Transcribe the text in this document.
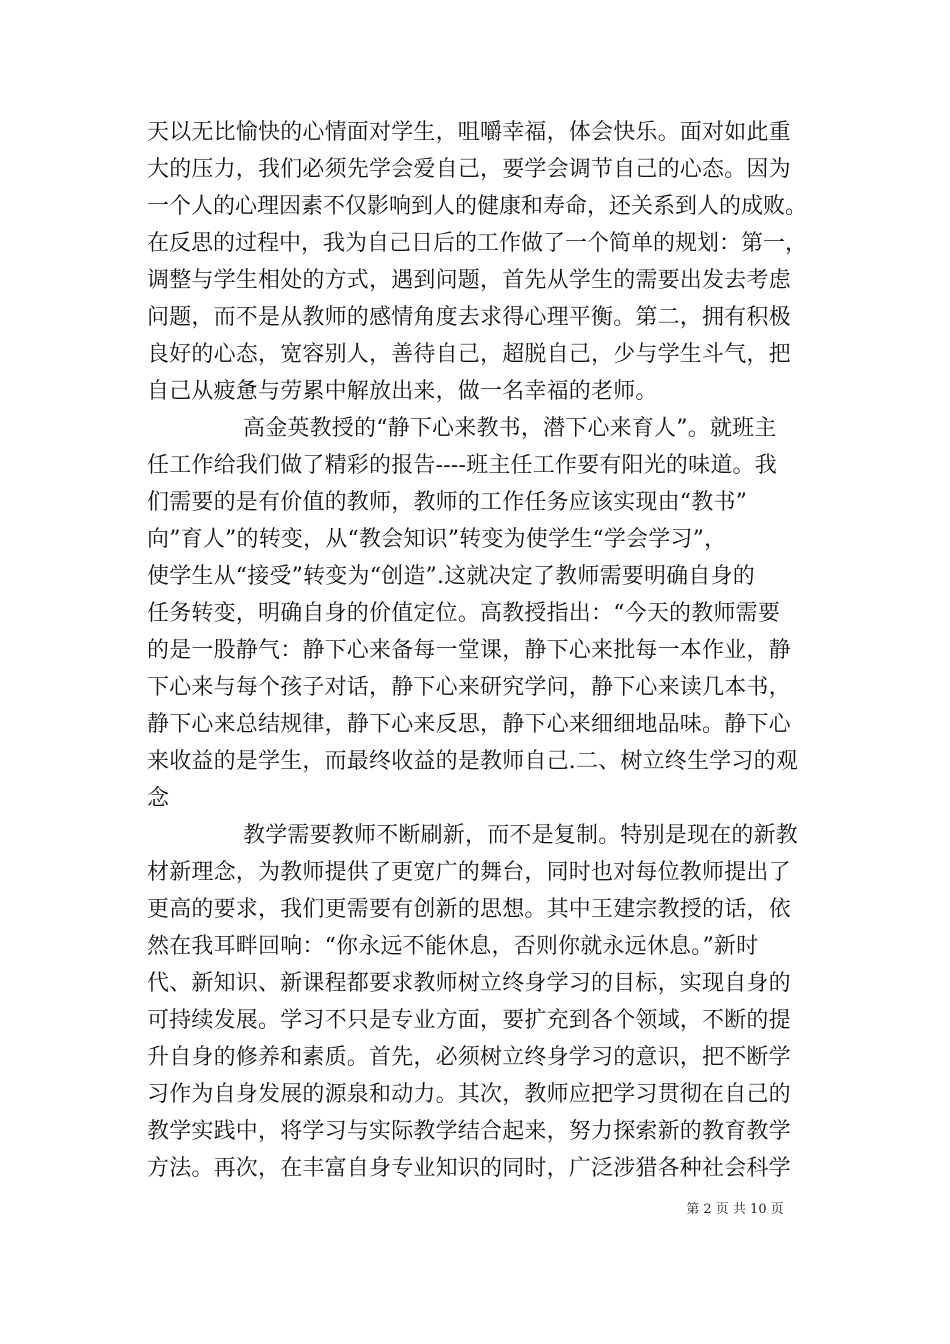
天以无比愉快的心情面对学生，咀嚼幸福，体会快乐。面对如此重
大的压力，我们必须先学会爱自己，要学会调节自己的心态。因为
一个人的心理因素不仅影响到人的健康和寿命，还关系到人的成败。
在反思的过程中，我为自己日后的工作做了一个简单的规划：第一，
调整与学生相处的方式，遇到问题，首先从学生的需要出发去考虑
问题，而不是从教师的感情角度去求得心理平衡。第二，拥有积极
良好的心态，宽容别人，善待自己，超脱自己，少与学生斗气，把
自己从疲惫与劳累中解放出来，做一名幸福的老师。
高金英教授的“静下心来教书，潜下心来育人”。就班主
任工作给我们做了精彩的报告----班主任工作要有阳光的味道。我
们需要的是有价值的教师，教师的工作任务应该实现由“教书”
向”育人”的转变，从“教会知识”转变为使学生“学会学习”，
使学生从“接受”转变为“创造”.这就决定了教师需要明确自身的
任务转变，明确自身的价值定位。高教授指出：“今天的教师需要
的是一股静气：静下心来备每一堂课，静下心来批每一本作业，静
下心来与每个孩子对话，静下心来研究学问，静下心来读几本书，
静下心来总结规律，静下心来反思，静下心来细细地品味。静下心
来收益的是学生，而最终收益的是教师自己.二、树立终生学习的观
念
教学需要教师不断刷新，而不是复制。特别是现在的新教
材新理念，为教师提供了更宽广的舞台，同时也对每位教师提出了
更高的要求，我们更需要有创新的思想。其中王建宗教授的话，依
然在我耳畔回响：“你永远不能休息，否则你就永远休息。”新时
代、新知识、新课程都要求教师树立终身学习的目标，实现自身的
可持续发展。学习不只是专业方面，要扩充到各个领域，不断的提
升自身的修养和素质。首先，必须树立终身学习的意识，把不断学
习作为自身发展的源泉和动力。其次，教师应把学习贯彻在自己的
教学实践中，将学习与实际教学结合起来，努力探索新的教育教学
方法。再次，在丰富自身专业知识的同时，广泛涉猎各种社会科学
第 2 页 共 10 页
